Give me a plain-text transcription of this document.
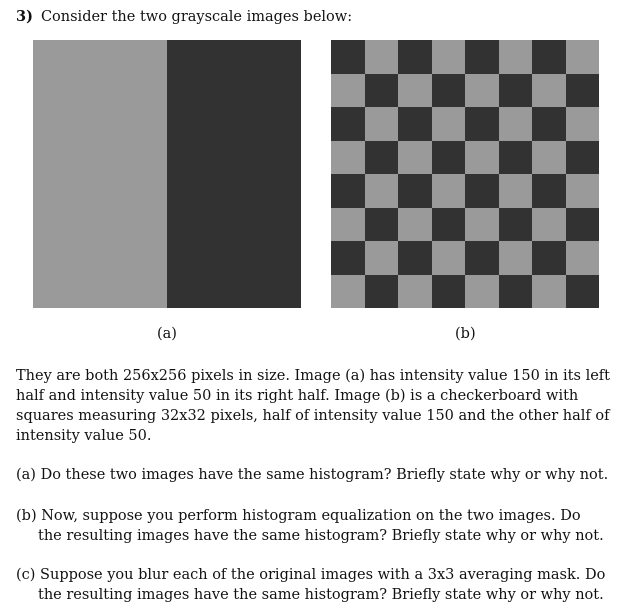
3) Consider the two grayscale images below:
(a)	(b)
They are both 256x256 pixels in size. Image (a) has intensity value 150 in its left
half and intensity value 50 in its right half. Image (b) is a checkerboard with
squares measuring 32x32 pixels, half of intensity value 150 and the other half of
intensity value 50.
(a) Do these two images have the same histogram? Briefly state why or why not.
(b) Now, suppose you perform histogram equalization on the two images. Do
the resulting images have the same histogram? Briefly state why or why not.
(c) Suppose you blur each of the original images with a 3x3 averaging mask. Do
the resulting images have the same histogram? Briefly state why or why not.
